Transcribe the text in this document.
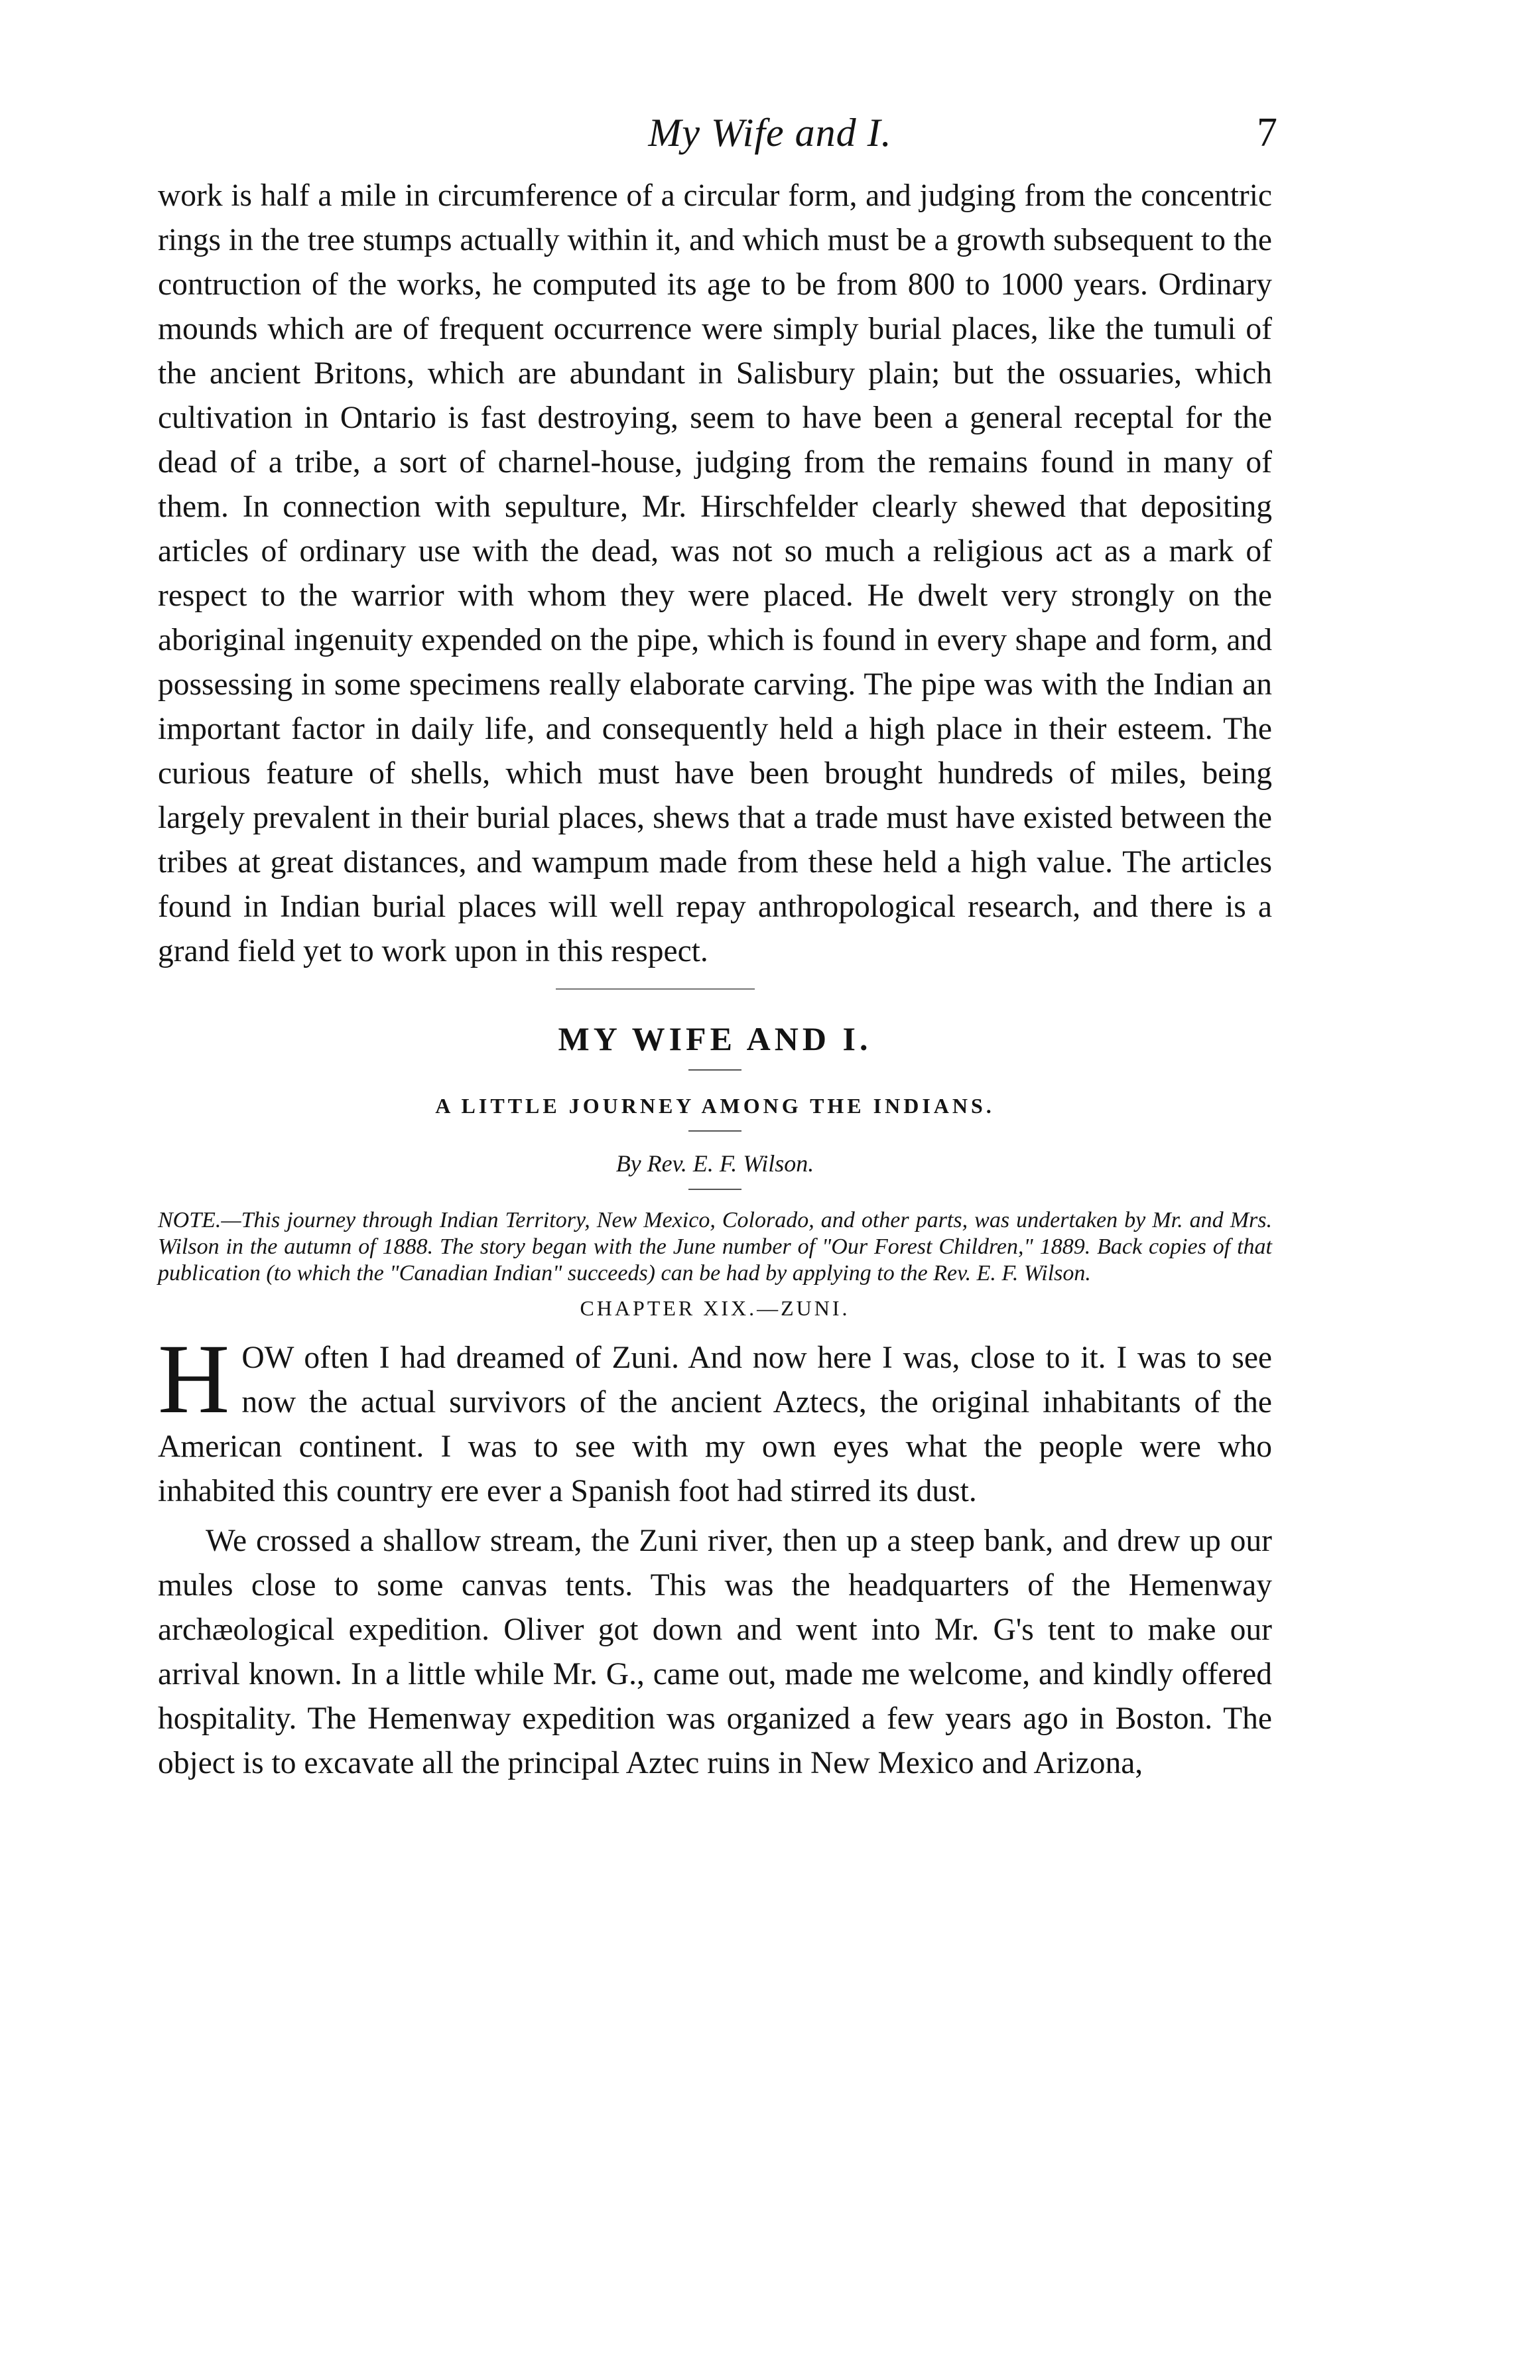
My Wife and I.	7

work is half a mile in circumference of a circular form, and judging from the concentric rings in the tree stumps actually within it, and which must be a growth subsequent to the contruction of the works, he computed its age to be from 800 to 1000 years. Ordinary mounds which are of frequent occurrence were simply burial places, like the tumuli of the ancient Britons, which are abundant in Salisbury plain; but the ossuaries, which cultivation in Ontario is fast destroying, seem to have been a general receptal for the dead of a tribe, a sort of charnel-house, judging from the remains found in many of them. In connection with sepulture, Mr. Hirschfelder clearly shewed that depositing articles of ordinary use with the dead, was not so much a religious act as a mark of respect to the warrior with whom they were placed. He dwelt very strongly on the aboriginal ingenuity expended on the pipe, which is found in every shape and form, and possessing in some specimens really elaborate carving. The pipe was with the Indian an important factor in daily life, and consequently held a high place in their esteem. The curious feature of shells, which must have been brought hundreds of miles, being largely prevalent in their burial places, shews that a trade must have existed between the tribes at great distances, and wampum made from these held a high value. The articles found in Indian burial places will well repay anthropological research, and there is a grand field yet to work upon in this respect.

MY WIFE AND I.
A LITTLE JOURNEY AMONG THE INDIANS.
By Rev. E. F. Wilson.

NOTE.—This journey through Indian Territory, New Mexico, Colorado, and other parts, was undertaken by Mr. and Mrs. Wilson in the autumn of 1888. The story began with the June number of "Our Forest Children," 1889. Back copies of that publication (to which the "Canadian Indian" succeeds) can be had by applying to the Rev. E. F. Wilson.

CHAPTER XIX.—ZUNI.

HOW often I had dreamed of Zuni. And now here I was, close to it. I was to see now the actual survivors of the ancient Aztecs, the original inhabitants of the American continent. I was to see with my own eyes what the people were who inhabited this country ere ever a Spanish foot had stirred its dust.

We crossed a shallow stream, the Zuni river, then up a steep bank, and drew up our mules close to some canvas tents. This was the headquarters of the Hemenway archæological expedition. Oliver got down and went into Mr. G's tent to make our arrival known. In a little while Mr. G., came out, made me welcome, and kindly offered hospitality. The Hemenway expedition was organized a few years ago in Boston. The object is to excavate all the principal Aztec ruins in New Mexico and Arizona,
